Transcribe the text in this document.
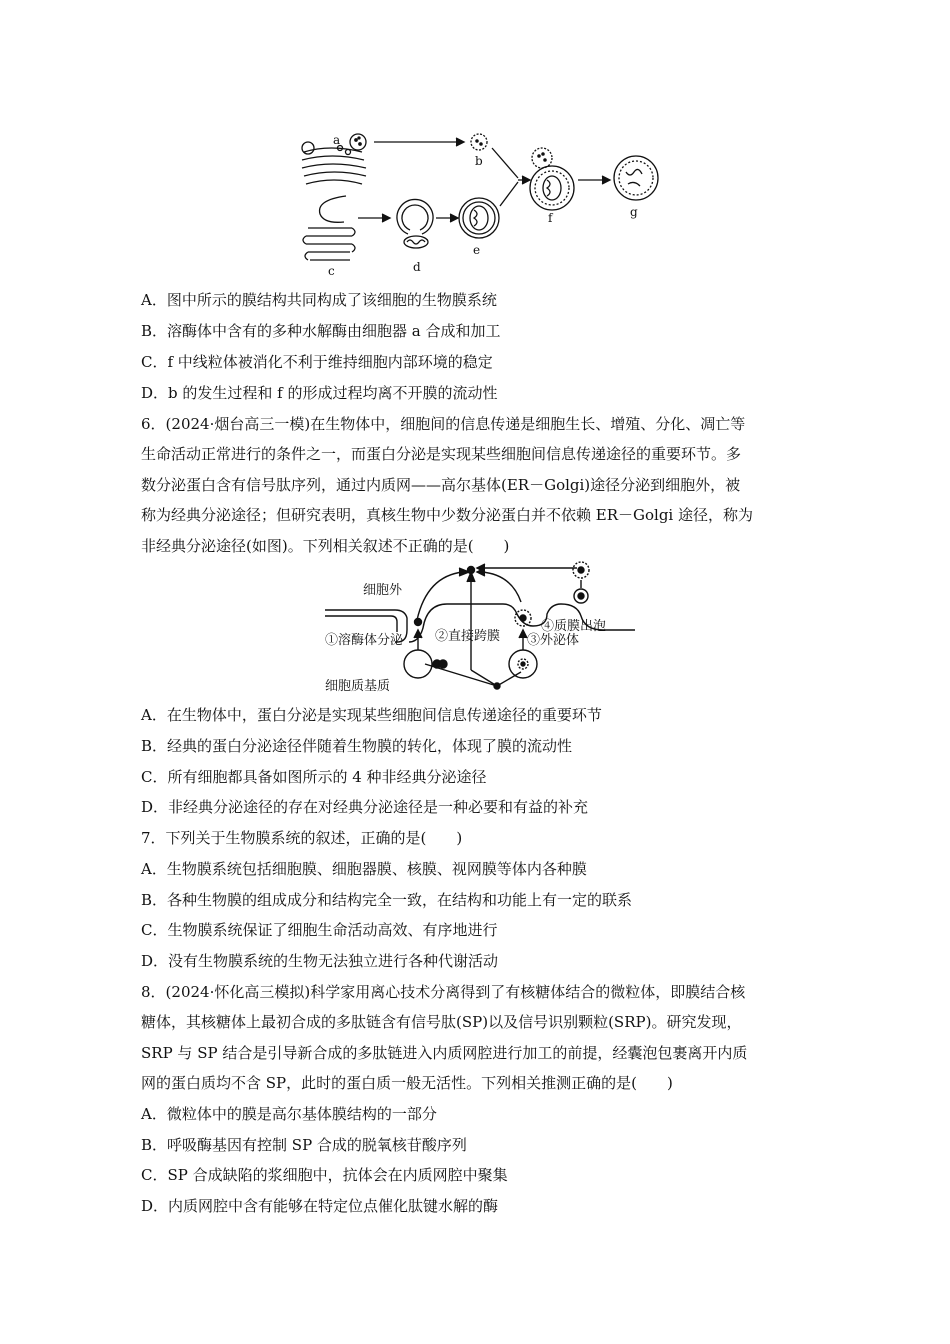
a
b
c	d
e
f	g
A．图中所示的膜结构共同构成了该细胞的生物膜系统
B．溶酶体中含有的多种水解酶由细胞器 a 合成和加工
C．f 中线粒体被消化不利于维持细胞内部环境的稳定
D．b 的发生过程和 f 的形成过程均离不开膜的流动性
6．(2024·烟台高三一模)在生物体中，细胞间的信息传递是细胞生长、增殖、分化、凋亡等
生命活动正常进行的条件之一，而蛋白分泌是实现某些细胞间信息传递途径的重要环节。多
数分泌蛋白含有信号肽序列，通过内质网——高尔基体(ER－Golgi)途径分泌到细胞外，被
称为经典分泌途径；但研究表明，真核生物中少数分泌蛋白并不依赖 ER－Golgi 途径，称为
非经典分泌途径(如图)。下列相关叙述不正确的是(　　)
细胞外
细胞质基质
①溶酶体分泌 ②直接跨膜 ③外泌体
④质膜出泡
A．在生物体中，蛋白分泌是实现某些细胞间信息传递途径的重要环节
B．经典的蛋白分泌途径伴随着生物膜的转化，体现了膜的流动性
C．所有细胞都具备如图所示的 4 种非经典分泌途径
D．非经典分泌途径的存在对经典分泌途径是一种必要和有益的补充
7．下列关于生物膜系统的叙述，正确的是(　　)
A．生物膜系统包括细胞膜、细胞器膜、核膜、视网膜等体内各种膜
B．各种生物膜的组成成分和结构完全一致，在结构和功能上有一定的联系
C．生物膜系统保证了细胞生命活动高效、有序地进行
D．没有生物膜系统的生物无法独立进行各种代谢活动
8．(2024·怀化高三模拟)科学家用离心技术分离得到了有核糖体结合的微粒体，即膜结合核
糖体，其核糖体上最初合成的多肽链含有信号肽(SP)以及信号识别颗粒(SRP)。研究发现，
SRP 与 SP 结合是引导新合成的多肽链进入内质网腔进行加工的前提，经囊泡包裹离开内质
网的蛋白质均不含 SP，此时的蛋白质一般无活性。下列相关推测正确的是(　　)
A．微粒体中的膜是高尔基体膜结构的一部分
B．呼吸酶基因有控制 SP 合成的脱氧核苷酸序列
C．SP 合成缺陷的浆细胞中，抗体会在内质网腔中聚集
D．内质网腔中含有能够在特定位点催化肽键水解的酶
